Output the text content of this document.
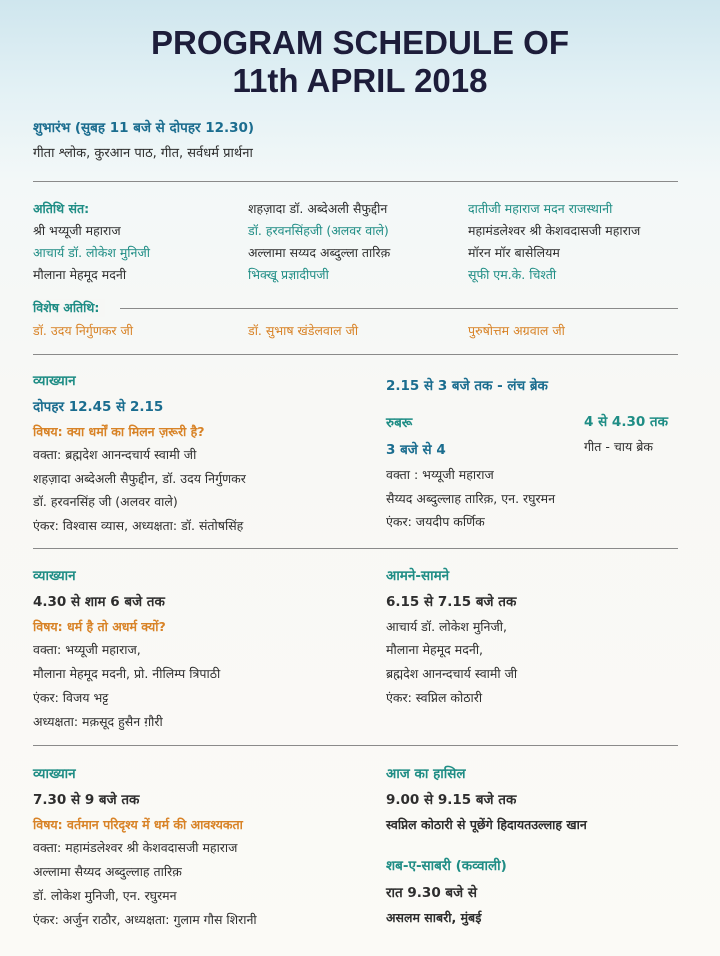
PROGRAM SCHEDULE OF
11th APRIL 2018
शुभारंभ (सुबह 11 बजे से दोपहर 12.30)
गीता श्लोक, कुरआन पाठ, गीत, सर्वधर्म प्रार्थना
अतिथि संत:
श्री भय्यूजी महाराज
आचार्य डॉ. लोकेश मुनिजी
मौलाना मेहमूद मदनी
शहज़ादा डॉ. अब्देअली सैफुद्दीन
डॉ. हरवनसिंहजी (अलवर वाले)
अल्लामा सय्यद अब्दुल्ला तारिक़
भिक्खू प्रज्ञादीपजी
दातीजी महाराज मदन राजस्थानी
महामंडलेश्वर श्री केशवदासजी महाराज
मॉरन मॉर बासेलियम
सूफी एम.के. चिश्ती
विशेष अतिथि:
डॉ. उदय निर्गुणकर जी	डॉ. सुभाष खंडेलवाल जी	पुरुषोत्तम अग्रवाल जी
व्याख्यान
दोपहर 12.45 से 2.15
विषय: क्या धर्मों का मिलन ज़रूरी है?
वक्ता: ब्रह्मदेश आनन्दचार्य स्वामी जी
शहज़ादा अब्देअली सैफुद्दीन, डॉ. उदय निर्गुणकर
डॉ. हरवनसिंह जी (अलवर वाले)
एंकर: विश्वास व्यास, अध्यक्षता: डॉ. संतोषसिंह
2.15 से 3 बजे तक - लंच ब्रेक
रुबरू
3 बजे से 4
वक्ता : भय्यूजी महाराज
सैय्यद अब्दुल्लाह तारिक़, एन. रघुरमन
एंकर: जयदीप कर्णिक
4 से 4.30 तक
गीत - चाय ब्रेक
व्याख्यान
4.30 से शाम 6 बजे तक
विषय: धर्म है तो अधर्म क्यों?
वक्ता: भय्यूजी महाराज,
मौलाना मेहमूद मदनी, प्रो. नीलिम्प त्रिपाठी
एंकर: विजय भट्ट
अध्यक्षता: मक़सूद हुसैन ग़ौरी
आमने-सामने
6.15 से 7.15 बजे तक
आचार्य डॉ. लोकेश मुनिजी,
मौलाना मेहमूद मदनी,
ब्रह्मदेश आनन्दचार्य स्वामी जी
एंकर: स्वप्निल कोठारी
व्याख्यान
7.30 से 9 बजे तक
विषय: वर्तमान परिदृश्य में धर्म की आवश्यकता
वक्ता: महामंडलेश्वर श्री केशवदासजी महाराज
अल्लामा सैय्यद अब्दुल्लाह तारिक़
डॉ. लोकेश मुनिजी, एन. रघुरमन
एंकर: अर्जुन राठौर, अध्यक्षता: गुलाम गौस शिरानी
आज का हासिल
9.00 से 9.15 बजे तक
स्वप्निल कोठारी से पूछेंगे हिदायतउल्लाह खान
शब-ए-साबरी (कव्वाली)
रात 9.30 बजे से
असलम साबरी, मुंबई
